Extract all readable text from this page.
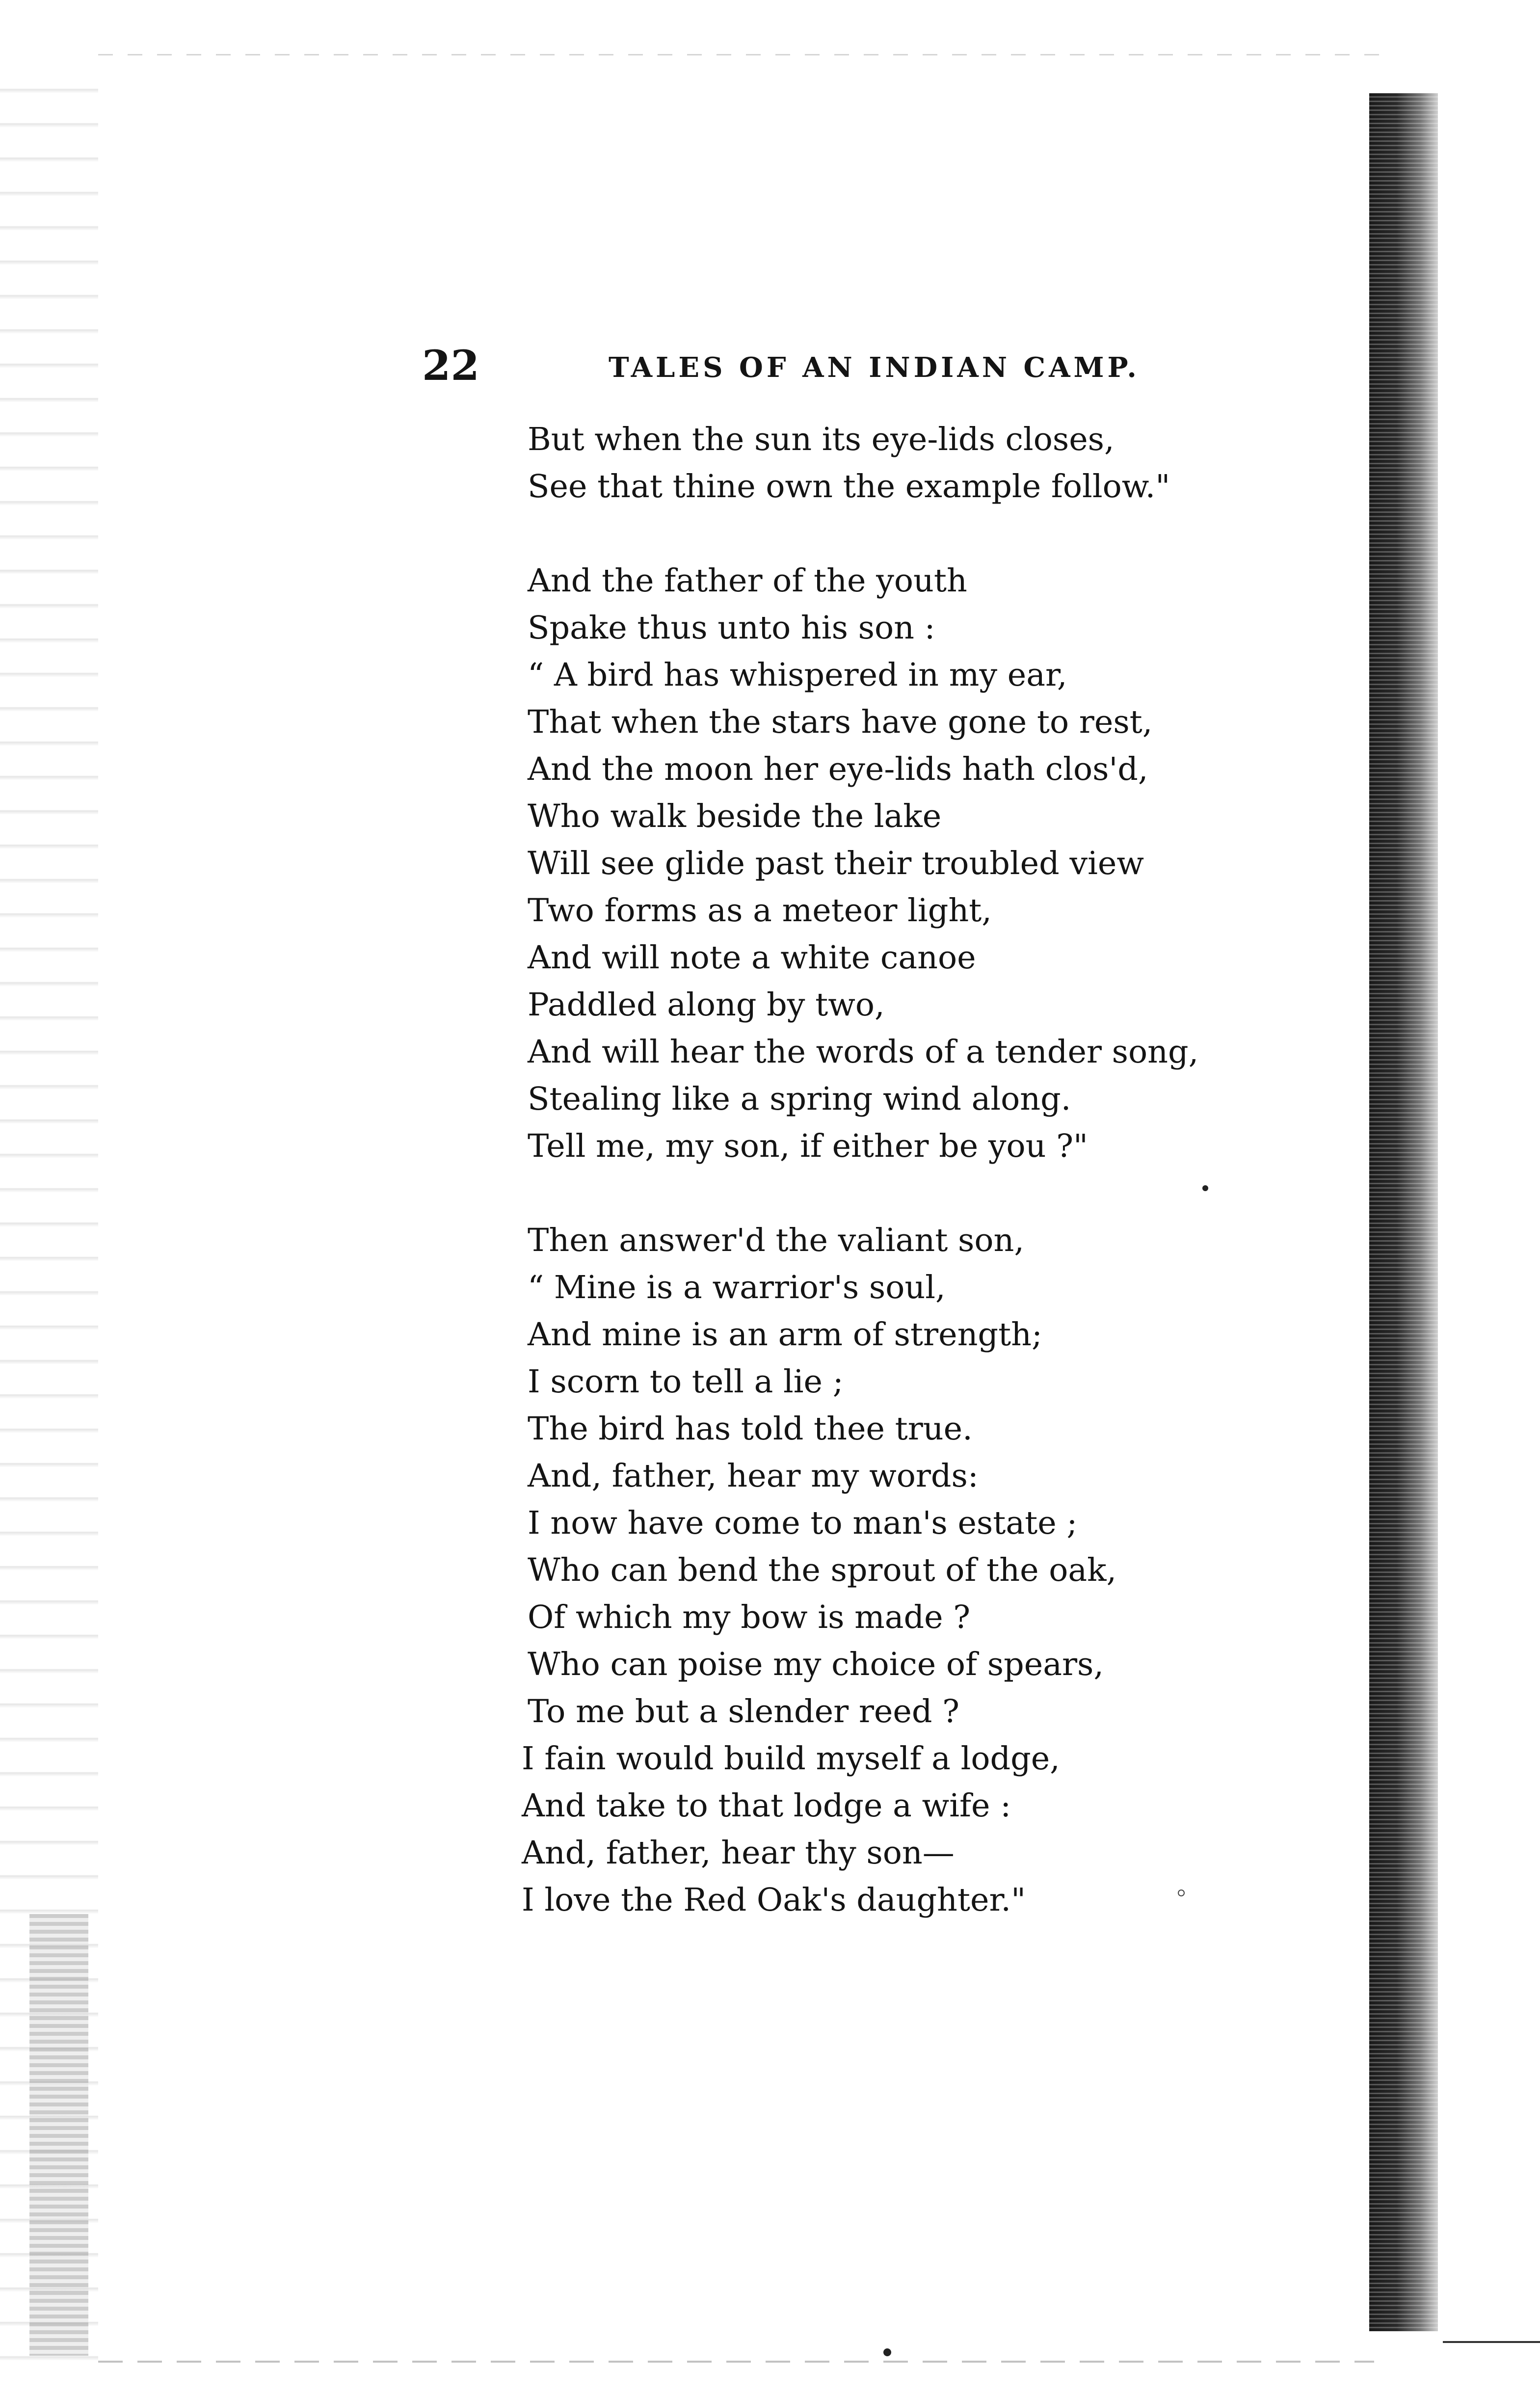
22	TALES OF AN INDIAN CAMP.
But when the sun its eye-lids closes,
See that thine own the example follow."
And the father of the youth
Spake thus unto his son :
“ A bird has whispered in my ear,
That when the stars have gone to rest,
And the moon her eye-lids hath clos'd,
Who walk beside the lake
Will see glide past their troubled view
Two forms as a meteor light,
And will note a white canoe
Paddled along by two,
And will hear the words of a tender song,
Stealing like a spring wind along.
Tell me, my son, if either be you ?"
Then answer'd the valiant son,
“ Mine is a warrior's soul,
And mine is an arm of strength;
I scorn to tell a lie ;
The bird has told thee true.
And, father, hear my words:
I now have come to man's estate ;
Who can bend the sprout of the oak,
Of which my bow is made ?
Who can poise my choice of spears,
To me but a slender reed ?
I fain would build myself a lodge,
And take to that lodge a wife :
And, father, hear thy son—
I love the Red Oak's daughter."
